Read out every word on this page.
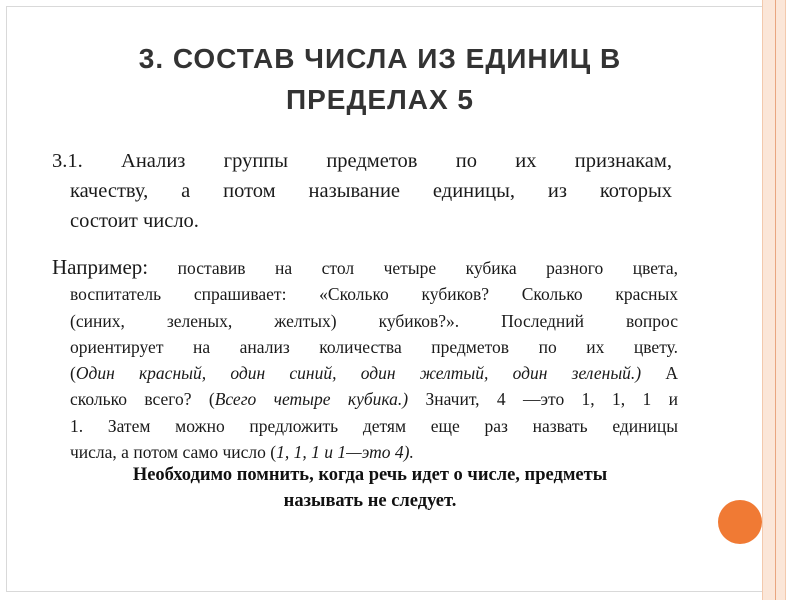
3. СОСТАВ ЧИСЛА ИЗ ЕДИНИЦ В
ПРЕДЕЛАХ 5
3.1. Анализ группы предметов по их признакам,
качеству, а потом называние единицы, из которых
состоит число.
Например: поставив на стол четыре кубика разного цвета,
воспитатель спрашивает: «Сколько кубиков? Сколько красных
(синих, зеленых, желтых) кубиков?». Последний вопрос
ориентирует на анализ количества предметов по их цвету.
(Один красный, один синий, один желтый, один зеленый.) А
сколько всего? (Всего четыре кубика.) Значит, 4 —это 1, 1, 1 и
1. Затем можно предложить детям еще раз назвать единицы
числа, а потом само число (1, 1, 1 и 1—это 4).
Необходимо помнить, когда речь идет о числе, предметы
называть не следует.
